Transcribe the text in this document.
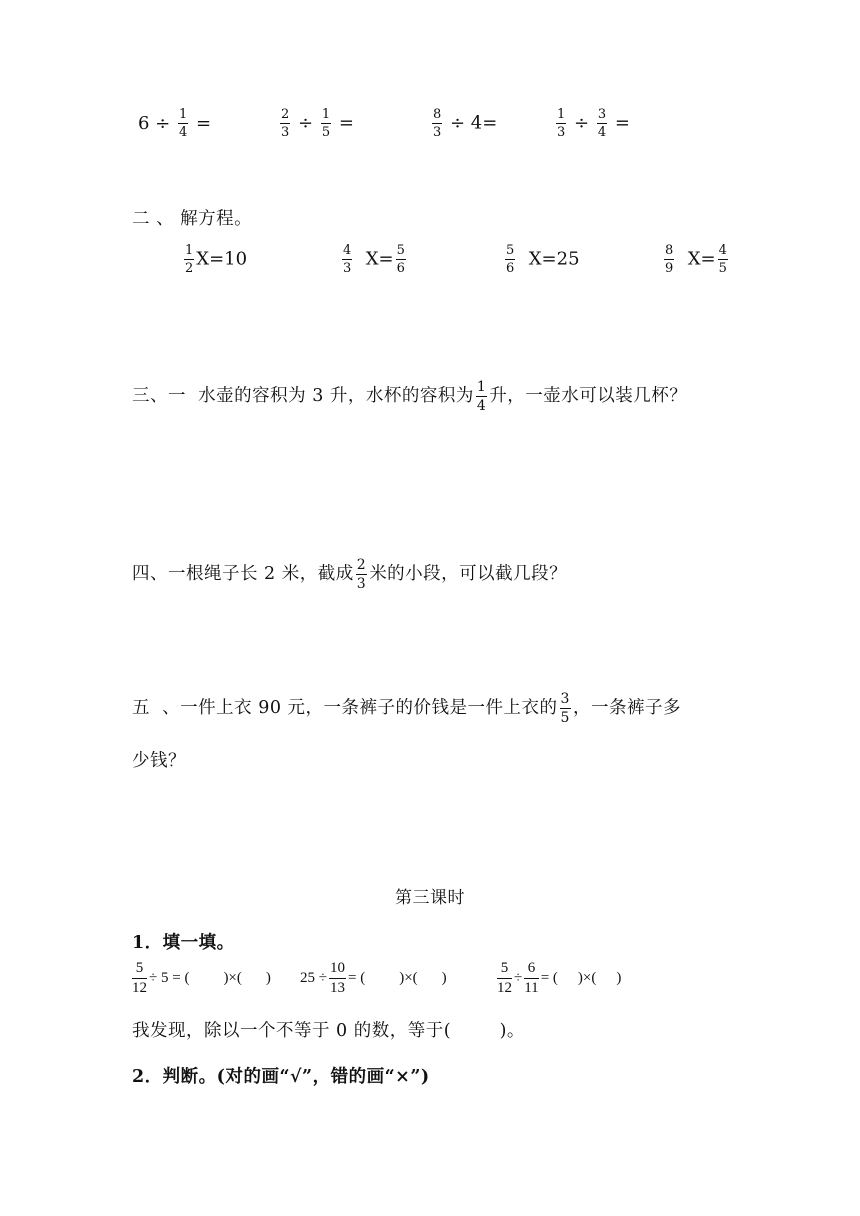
$6 \div \frac{1}{4}$ =	$\frac{2}{3} \div \frac{1}{5}$ =	$\frac{8}{3} \div 4=$	$\frac{1}{3} \div \frac{3}{4}$ =
二 、 解方程。
$\frac{1}{2} X=10$	$\frac{4}{3} X= \frac{5}{6}$	$\frac{5}{6} X=25$	$\frac{8}{9} X= \frac{4}{5}$
三、一  水壶的容积为 3 升，水杯的容积为 $\frac{1}{4}$ 升，一壶水可以装几杯？
四、一根绳子长 2 米，截成 $\frac{2}{3}$ 米的小段，可以截几段？
五  、一件上衣 90 元，一条裤子的价钱是一件上衣的 $\frac{3}{5}$ ，一条裤子多
少钱？
第三课时
1．填一填。
$\frac{5}{12} \div 5$ = ( )×( ) $25 \div \frac{10}{13}$ = ( )×( )	$\frac{5}{12} \div \frac{6}{11}$ = ( )×( )
我发现，除以一个不等于 0 的数，等于(        )。
2．判断。(对的画“√”，错的画“×”)
